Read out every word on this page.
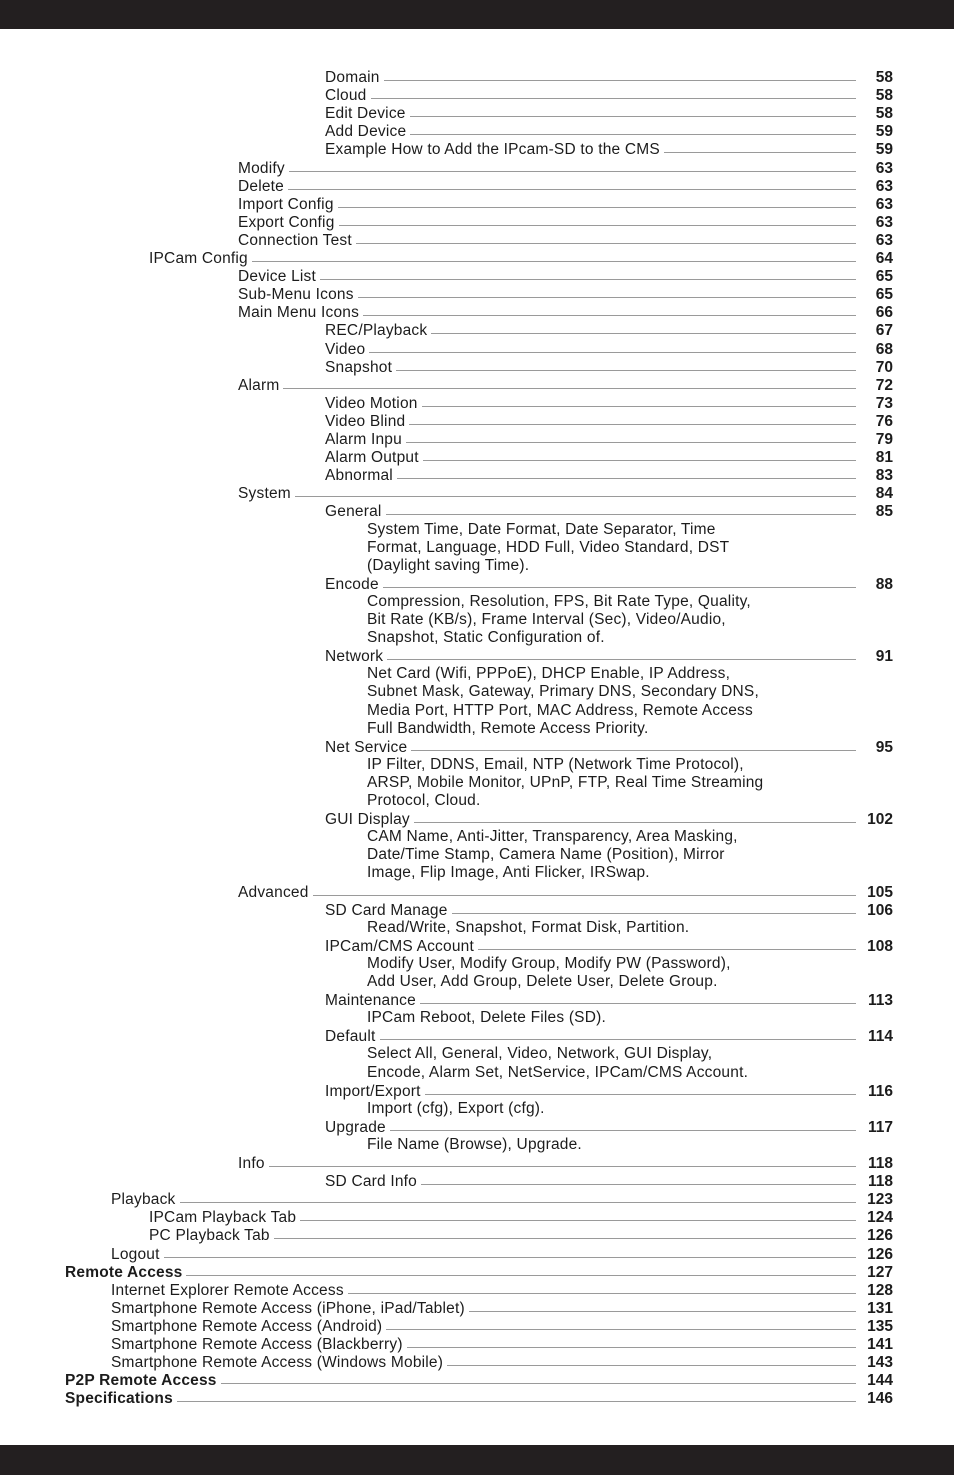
Domain	58
Cloud	58
Edit Device	58
Add Device	59
Example How to Add the IPcam-SD to the CMS	59
Modify	63
Delete	63
Import Config	63
Export Config	63
Connection Test	63
IPCam Config	64
Device List	65
Sub-Menu Icons	65
Main Menu Icons	66
REC/Playback	67
Video	68
Snapshot	70
Alarm	72
Video Motion	73
Video Blind	76
Alarm Inpu	79
Alarm Output	81
Abnormal	83
System	84
General	85
System Time, Date Format, Date Separator, Time
Format, Language, HDD Full, Video Standard, DST
(Daylight saving Time).
Encode	88
Compression, Resolution, FPS, Bit Rate Type, Quality,
Bit Rate (KB/s), Frame Interval (Sec), Video/Audio,
Snapshot, Static Configuration of.
Network	91
Net Card (Wifi, PPPoE), DHCP Enable, IP Address,
Subnet Mask, Gateway, Primary DNS, Secondary DNS,
Media Port, HTTP Port, MAC Address, Remote Access
Full Bandwidth, Remote Access Priority.
Net Service	95
IP Filter, DDNS, Email, NTP (Network Time Protocol),
ARSP, Mobile Monitor, UPnP, FTP, Real Time Streaming
Protocol, Cloud.
GUI Display	102
CAM Name, Anti-Jitter, Transparency, Area Masking,
Date/Time Stamp, Camera Name (Position), Mirror
Image, Flip Image, Anti Flicker, IRSwap.
Advanced	105
SD Card Manage	106
Read/Write, Snapshot, Format Disk, Partition.
IPCam/CMS Account	108
Modify User, Modify Group, Modify PW (Password),
Add User, Add Group, Delete User, Delete Group.
Maintenance	113
IPCam Reboot, Delete Files (SD).
Default	114
Select All, General, Video, Network, GUI Display,
Encode, Alarm Set, NetService, IPCam/CMS Account.
Import/Export	116
Import (cfg), Export (cfg).
Upgrade	117
File Name (Browse), Upgrade.
Info	118
SD Card Info	118
Playback	123
IPCam Playback Tab	124
PC Playback Tab	126
Logout	126
Remote Access	127
Internet Explorer Remote Access	128
Smartphone Remote Access (iPhone, iPad/Tablet)	131
Smartphone Remote Access (Android)	135
Smartphone Remote Access (Blackberry)	141
Smartphone Remote Access (Windows Mobile)	143
P2P Remote Access	144
Specifications	146
